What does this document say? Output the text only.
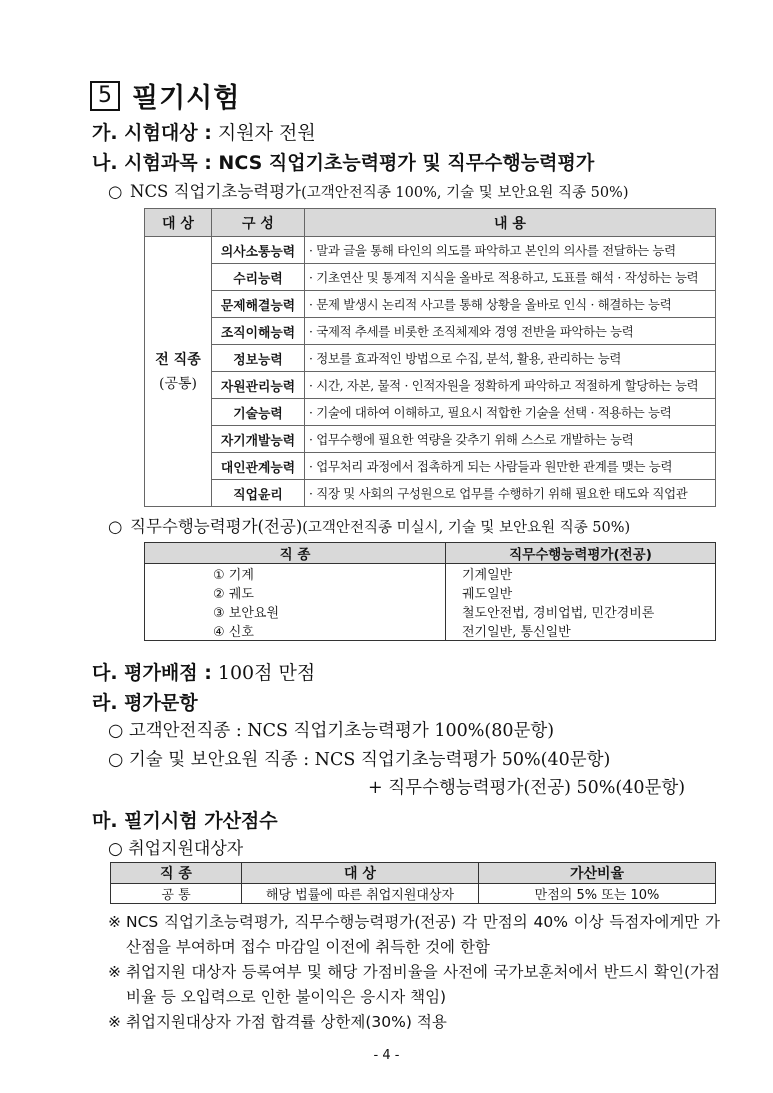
5 필기시험
가. 시험대상 : 지원자 전원
나. 시험과목 : NCS 직업기초능력평가 및 직무수행능력평가
○ NCS 직업기초능력평가(고객안전직종 100%, 기술 및 보안요원 직종 50%)
대 상	구 성	내 용
전 직종
(공통)	의사소통능력	· 말과 글을 통해 타인의 의도를 파악하고 본인의 의사를 전달하는 능력
	수리능력	· 기초연산 및 통계적 지식을 올바로 적용하고, 도표를 해석 · 작성하는 능력
	문제해결능력	· 문제 발생시 논리적 사고를 통해 상황을 올바로 인식 · 해결하는 능력
	조직이해능력	· 국제적 추세를 비롯한 조직체제와 경영 전반을 파악하는 능력
	정보능력	· 정보를 효과적인 방법으로 수집, 분석, 활용, 관리하는 능력
	자원관리능력	· 시간, 자본, 물적 · 인적자원을 정확하게 파악하고 적절하게 할당하는 능력
	기술능력	· 기술에 대하여 이해하고, 필요시 적합한 기술을 선택 · 적용하는 능력
	자기개발능력	· 업무수행에 필요한 역량을 갖추기 위해 스스로 개발하는 능력
	대인관계능력	· 업무처리 과정에서 접촉하게 되는 사람들과 원만한 관계를 맺는 능력
	직업윤리	· 직장 및 사회의 구성원으로 업무를 수행하기 위해 필요한 태도와 직업관
○ 직무수행능력평가(전공)(고객안전직종 미실시, 기술 및 보안요원 직종 50%)
직 종	직무수행능력평가(전공)
① 기계	기계일반
② 궤도	궤도일반
③ 보안요원	철도안전법, 경비업법, 민간경비론
④ 신호	전기일반, 통신일반
다. 평가배점 : 100점 만점
라. 평가문항
○ 고객안전직종 : NCS 직업기초능력평가 100%(80문항)
○ 기술 및 보안요원 직종 : NCS 직업기초능력평가 50%(40문항)
+ 직무수행능력평가(전공) 50%(40문항)
마. 필기시험 가산점수
○ 취업지원대상자
직 종	대 상	가산비율
공 통	해당 법률에 따른 취업지원대상자	만점의 5% 또는 10%
※ NCS 직업기초능력평가, 직무수행능력평가(전공) 각 만점의 40% 이상 득점자에게만 가산점을 부여하며 접수 마감일 이전에 취득한 것에 한함
※ 취업지원 대상자 등록여부 및 해당 가점비율을 사전에 국가보훈처에서 반드시 확인(가점비율 등 오입력으로 인한 불이익은 응시자 책임)
※ 취업지원대상자 가점 합격률 상한제(30%) 적용
- 4 -
